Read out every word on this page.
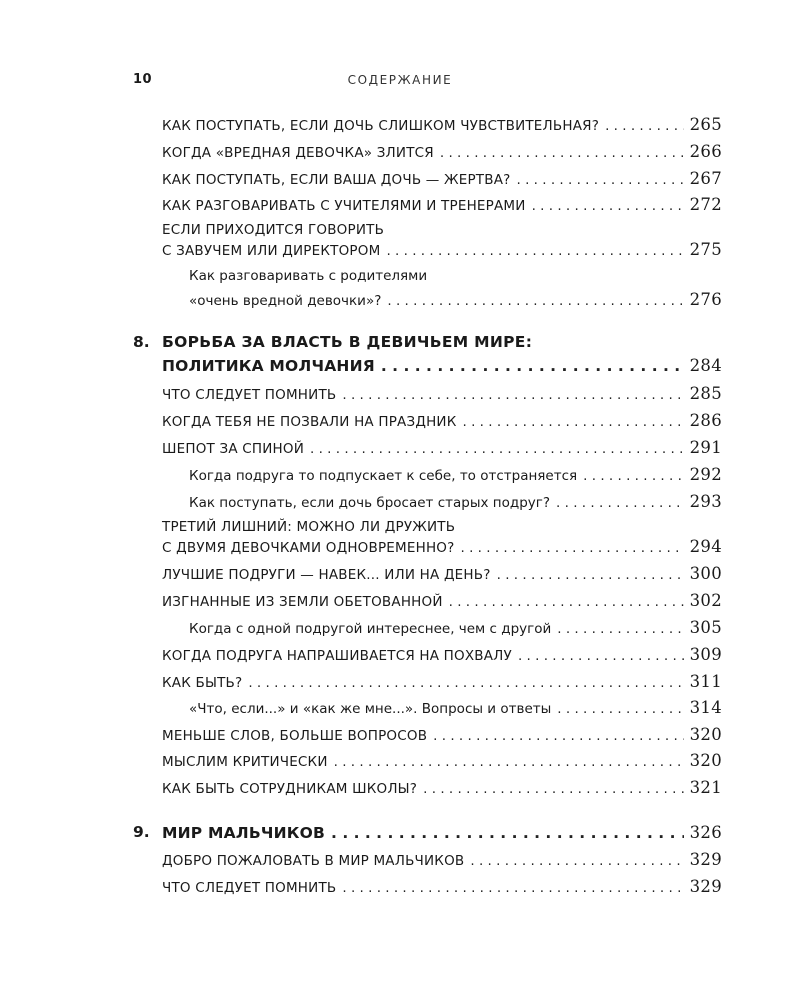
10	СОДЕРЖАНИЕ
КАК ПОСТУПАТЬ, ЕСЛИ ДОЧЬ СЛИШКОМ ЧУВСТВИТЕЛЬНАЯ? . . .	265
КОГДА «ВРЕДНАЯ ДЕВОЧКА» ЗЛИТСЯ . . .	266
КАК ПОСТУПАТЬ, ЕСЛИ ВАША ДОЧЬ — ЖЕРТВА? . . .	267
КАК РАЗГОВАРИВАТЬ С УЧИТЕЛЯМИ И ТРЕНЕРАМИ . . .	272
ЕСЛИ ПРИХОДИТСЯ ГОВОРИТЬ
С ЗАВУЧЕМ ИЛИ ДИРЕКТОРОМ . . .	275
Как разговаривать с родителями
«очень вредной девочки»? . . .	276
8. БОРЬБА ЗА ВЛАСТЬ В ДЕВИЧЬЕМ МИРЕ:
ПОЛИТИКА МОЛЧАНИЯ . . .	284
ЧТО СЛЕДУЕТ ПОМНИТЬ . . .	285
КОГДА ТЕБЯ НЕ ПОЗВАЛИ НА ПРАЗДНИК . . .	286
ШЕПОТ ЗА СПИНОЙ . . .	291
Когда подруга то подпускает к себе, то отстраняется . . .	292
Как поступать, если дочь бросает старых подруг? . . .	293
ТРЕТИЙ ЛИШНИЙ: МОЖНО ЛИ ДРУЖИТЬ
С ДВУМЯ ДЕВОЧКАМИ ОДНОВРЕМЕННО? . . .	294
ЛУЧШИЕ ПОДРУГИ — НАВЕК... ИЛИ НА ДЕНЬ? . . .	300
ИЗГНАННЫЕ ИЗ ЗЕМЛИ ОБЕТОВАННОЙ . . .	302
Когда с одной подругой интереснее, чем с другой . . .	305
КОГДА ПОДРУГА НАПРАШИВАЕТСЯ НА ПОХВАЛУ . . .	309
КАК БЫТЬ? . . .	311
«Что, если...» и «как же мне...». Вопросы и ответы . . .	314
МЕНЬШЕ СЛОВ, БОЛЬШЕ ВОПРОСОВ . . .	320
МЫСЛИМ КРИТИЧЕСКИ . . .	320
КАК БЫТЬ СОТРУДНИКАМ ШКОЛЫ? . . .	321
9. МИР МАЛЬЧИКОВ . . .	326
ДОБРО ПОЖАЛОВАТЬ В МИР МАЛЬЧИКОВ . . .	329
ЧТО СЛЕДУЕТ ПОМНИТЬ . . .	329
